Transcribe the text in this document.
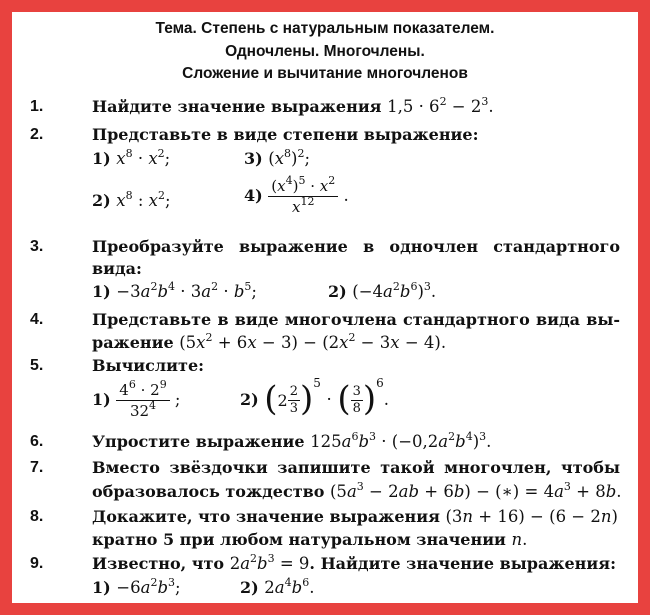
Тема. Степень с натуральным показателем.
Одночлены. Многочлены.
Сложение и вычитание многочленов
1.	Найдите значение выражения $1,5 \cdot 6^2 - 2^3$.
2.	Представьте в виде степени выражение:
1) $x^8 \cdot x^2$;	3) $(x^8)^2$;
2) $x^8$ : $x^2$;	$4) \frac{(x^4)^5 \cdot x^2}{x^{12}}$ .
3.	Преобразуйте выражение в одночлен стандартного
вида:
$1) -3a^2b^4 \cdot 3a^2 \cdot b^5$;	2) $(-4a^2b^6)^3$.
4.	Представьте в виде многочлена стандартного вида вы-
ражение $(5x^2 + 6x - 3) - (2x^2 - 3x - 4)$.
5.	Вычислите:
$1) \frac{4^6 \cdot 2^9}{32^4}$ ;	2) $(2 \frac{2}{3} )^5$ · ( $\frac{3}{8} )^6$.
6.	Упростите выражение $125a^6b^3 \cdot (-0,2a^2b^4)^3$.
7.	Вместо звёздочки запишите такой многочлен, чтобы
образовалось тождество $(5a^3 - 2ab + 6b)$ − (∗) = $4a^3 + 8b$.
8.	Докажите, что значение выражения (3n + 16) − (6 − 2n)
кратно 5 при любом натуральном значении n.
9.	Известно, что $2a^2b^3 = 9$. Найдите значение выражения:
$1) -6a^2b^3$;	2) $2a^4b^6$.
